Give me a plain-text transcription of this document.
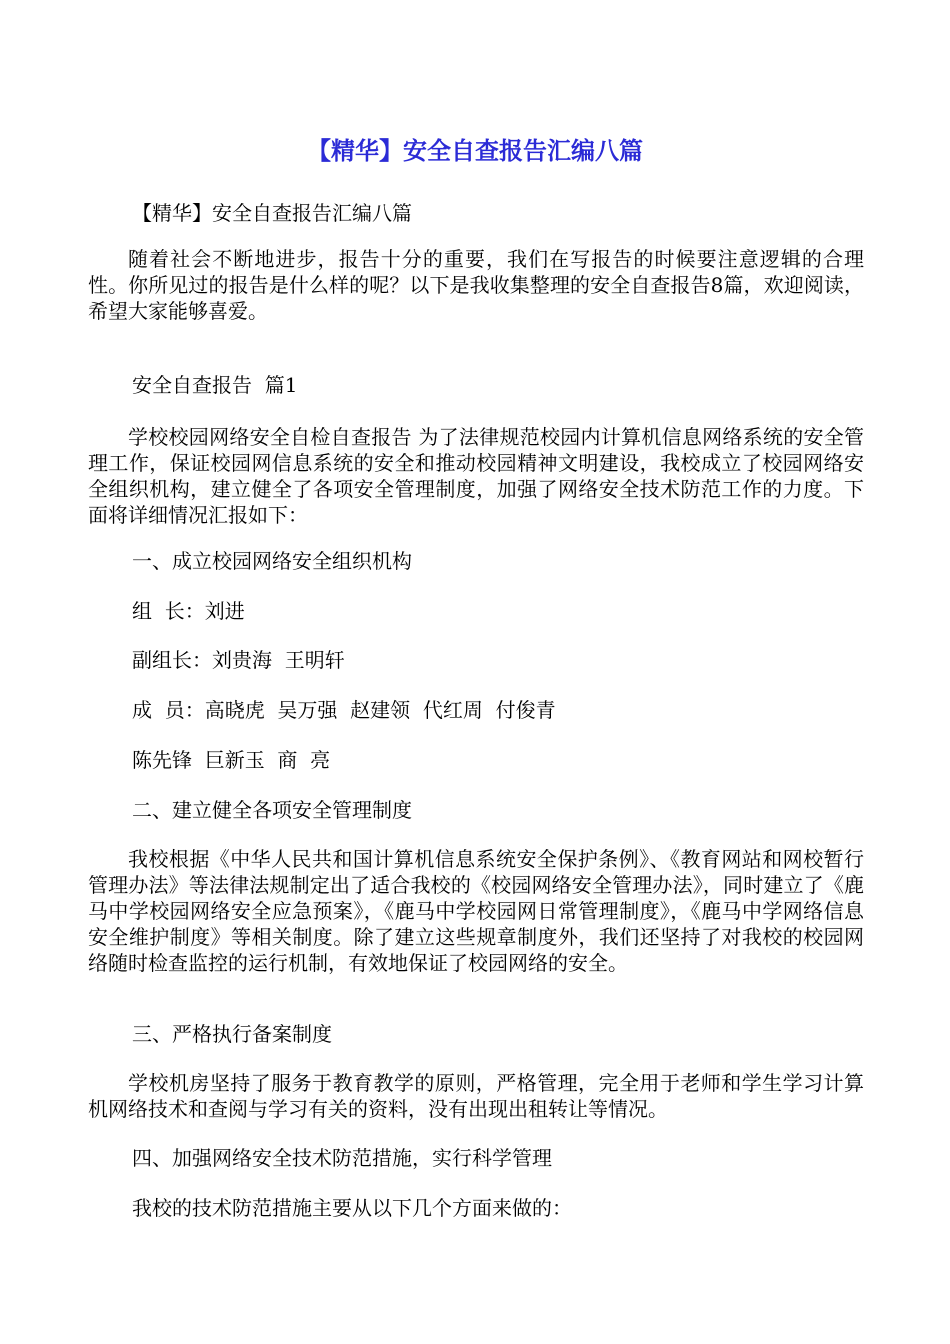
【精华】安全自查报告汇编八篇

【精华】安全自查报告汇编八篇

随着社会不断地进步，报告十分的重要，我们在写报告的时候要注意逻辑的合理性。你所见过的报告是什么样的呢？以下是我收集整理的安全自查报告8篇，欢迎阅读，希望大家能够喜爱。

安全自查报告  篇1

学校校园网络安全自检自查报告 为了法律规范校园内计算机信息网络系统的安全管理工作，保证校园网信息系统的安全和推动校园精神文明建设，我校成立了校园网络安全组织机构，建立健全了各项安全管理制度，加强了网络安全技术防范工作的力度。下面将详细情况汇报如下：

一、成立校园网络安全组织机构

组  长：刘进

副组长：刘贵海  王明轩

成  员：高晓虎  吴万强  赵建领  代红周  付俊青

陈先锋  巨新玉  商  亮

二、建立健全各项安全管理制度

我校根据《中华人民共和国计算机信息系统安全保护条例》、《教育网站和网校暂行管理办法》等法律法规制定出了适合我校的《校园网络安全管理办法》，同时建立了《鹿马中学校园网络安全应急预案》，《鹿马中学校园网日常管理制度》，《鹿马中学网络信息安全维护制度》等相关制度。除了建立这些规章制度外，我们还坚持了对我校的校园网络随时检查监控的运行机制，有效地保证了校园网络的安全。

三、严格执行备案制度

学校机房坚持了服务于教育教学的原则，严格管理，完全用于老师和学生学习计算机网络技术和查阅与学习有关的资料，没有出现出租转让等情况。

四、加强网络安全技术防范措施，实行科学管理

我校的技术防范措施主要从以下几个方面来做的：
